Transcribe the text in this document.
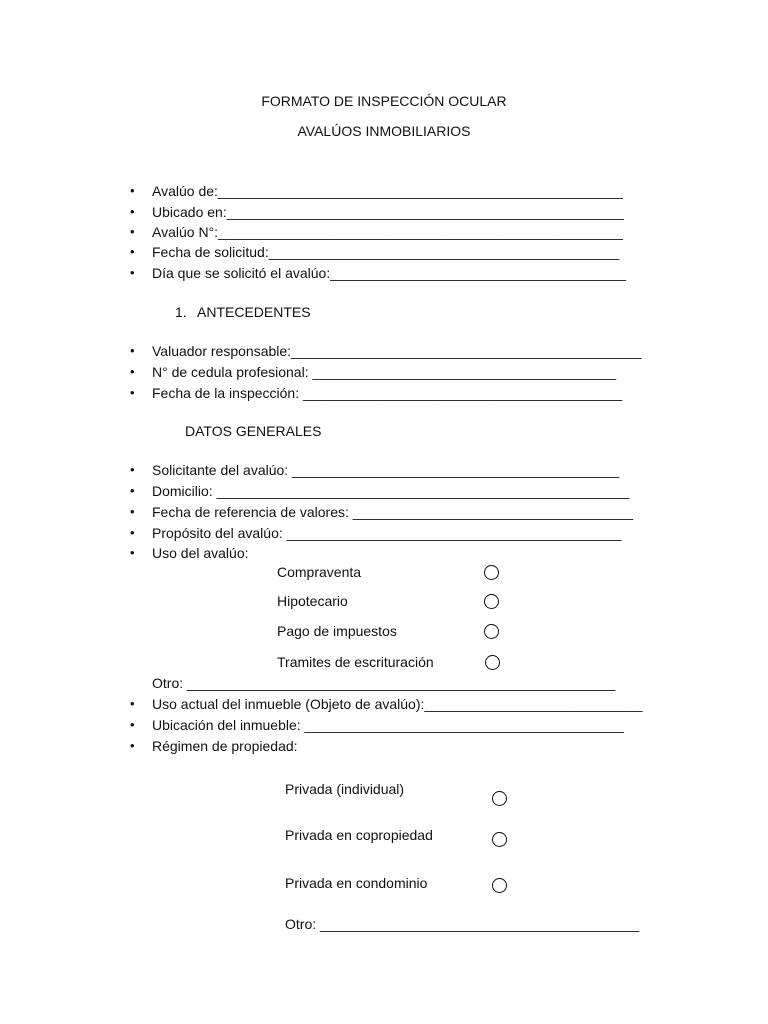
FORMATO DE INSPECCIÓN OCULAR
AVALÚOS INMOBILIARIOS
• Avalúo de:____________________________________________________
• Ubicado en:___________________________________________________
• Avalúo N°:____________________________________________________
• Fecha de solicitud:_____________________________________________
• Día que se solicitó el avalúo:______________________________________
1. ANTECEDENTES
• Valuador responsable:_____________________________________________
• N° de cedula profesional: _______________________________________
• Fecha de la inspección: _________________________________________
DATOS GENERALES
• Solicitante del avalúo: __________________________________________
• Domicilio: _____________________________________________________
• Fecha de referencia de valores: ____________________________________
• Propósito del avalúo: ___________________________________________
• Uso del avalúo:
Compraventa
Hipotecario
Pago de impuestos
Tramites de escrituración
Otro: _______________________________________________________
• Uso actual del inmueble (Objeto de avalúo):____________________________
• Ubicación del inmueble: _________________________________________
• Régimen de propiedad:
Privada (individual)
Privada en copropiedad
Privada en condominio
Otro: _________________________________________
